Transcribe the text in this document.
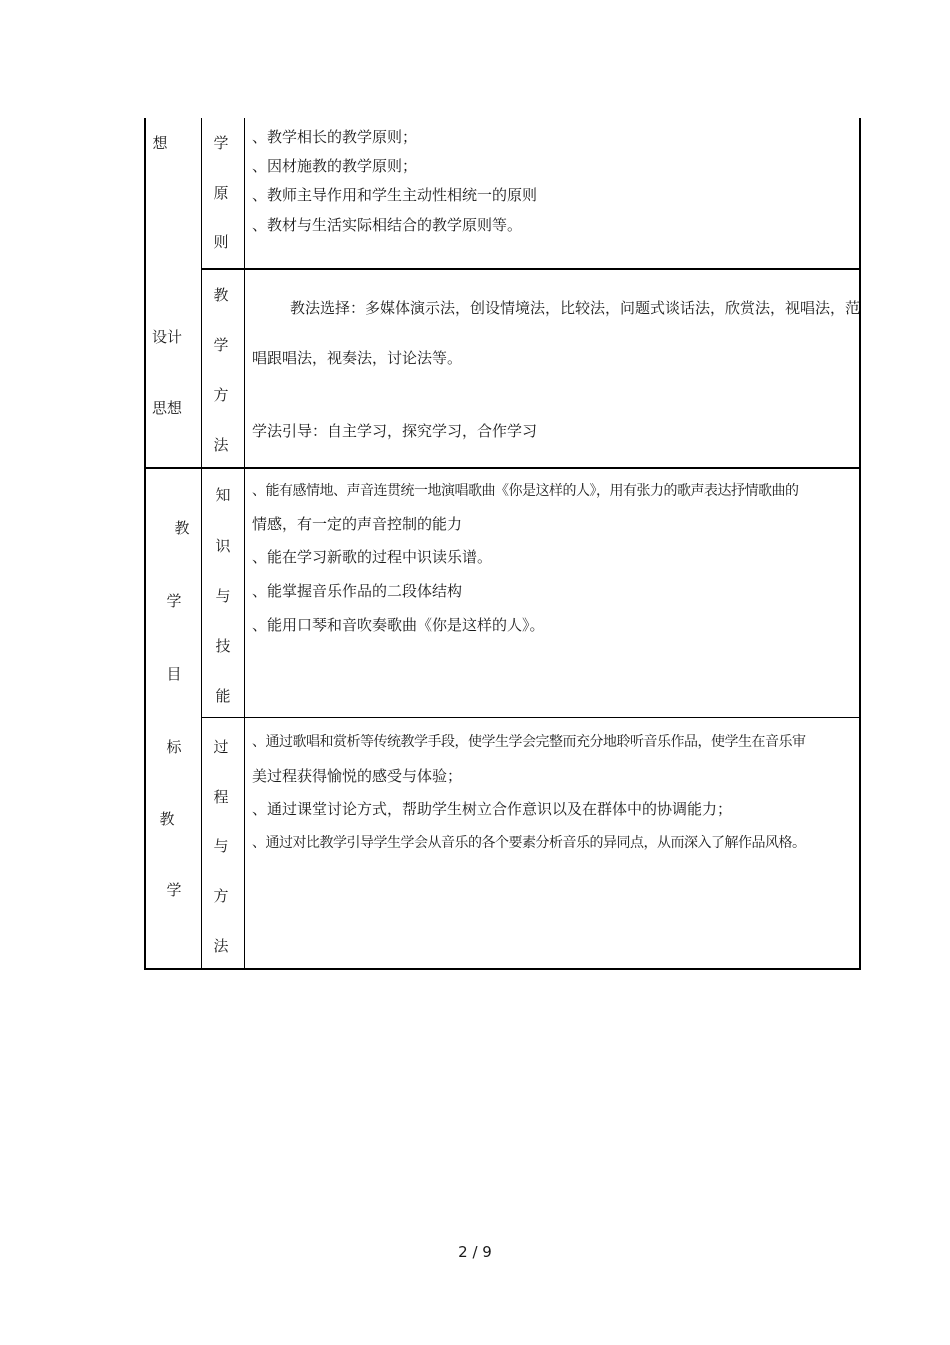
想	学
原
则
、教学相长的教学原则；
、因材施教的教学原则；
、教师主导作用和学生主动性相统一的原则
、教材与生活实际相结合的教学原则等。
设计
思想
教
学
方
法
教法选择：多媒体演示法，创设情境法，比较法，问题式谈话法，欣赏法，视唱法，范
唱跟唱法，视奏法，讨论法等。
学法引导：自主学习，探究学习，合作学习
教
学
目
标
教
学
知
识
与
技
能
、能有感情地、声音连贯统一地演唱歌曲《你是这样的人》，用有张力的歌声表达抒情歌曲的
情感，有一定的声音控制的能力
、能在学习新歌的过程中识读乐谱。
、能掌握音乐作品的二段体结构
、能用口琴和音吹奏歌曲《你是这样的人》。
过
程
与
方
法
、通过歌唱和赏析等传统教学手段，使学生学会完整而充分地聆听音乐作品，使学生在音乐审
美过程获得愉悦的感受与体验；
、通过课堂讨论方式，帮助学生树立合作意识以及在群体中的协调能力；
、通过对比教学引导学生学会从音乐的各个要素分析音乐的异同点，从而深入了解作品风格。
2 / 9
